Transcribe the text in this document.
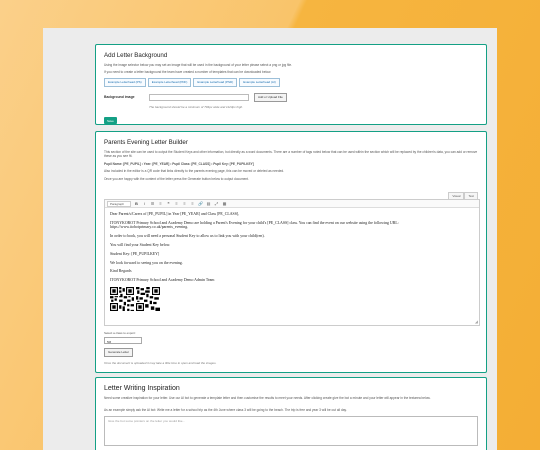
Add Letter Background
Using the image selector below you may set an image that will be used in the background of your letter please select a png or jpg file.
If you need to create a letter background the team have created a number of templates that can be downloaded below.
Example Letterhead (PS)	Example Letterhead (PDF)	Example Letterhead (PSD)	Example Letterhead (AI)
Background image	Add or Upload File
The background should be a minimum of 794px wide and 1123px high.
Save
Parents Evening Letter Builder
This section of the site can be used to output the Student Keys and other information, but directly as a word documents. There are a number of tags noted below that can be used within the section which will be replaced by the children's data, you can add or remove these as you see fit.
Pupil Name: [PE_PUPIL] • Year: [PE_YEAR] • Pupil Class: [PE_CLASS] • Pupil Key: [PE_PUPILKEY]
Also included in the editor is a QR code that links directly to the parents evening page, this can be moved or deleted as needed.
Once you are happy with the content of the letter press the Generate button below to output document.
Visual	Text
Paragraph	B	I	☰	≡	❝	≡	≡	≡	🔗 ▤ ⤢ ▦

Dear Parent/s/Carers of [PE_PUPIL] in Year [PE_YEAR] and Class [PE_CLASS],

ITONYKOROT Primary School and Academy Demo are holding a Parent's Evening for your child's [PE_CLASS] class. You can find the event on our website using the following URL: https://www.itobotprimary.co.uk/parents_evening.

In order to book, you will need a personal Student Key to allow us to link you with your child(ren).

You will find your Student Key below.

Student Key: [PE_PUPILKEY]

We look forward to seeing you on the evening.

Kind Regards

ITONYKOROT Primary School and Academy Demo Admin Team

◢
Select a class to export:
5M
Generate Letter
Once the document is uploaded it may take a little time to open and load the images.
Letter Writing Inspiration
Need some creative inspiration for your letter. Use our AI bot to generate a template letter and then customise the results to meet your needs. After clicking create give the bot a minute and your letter will appear in the textarea below.
As an example simply ask the AI bot: Write me a letter for a school trip as the 4th June where class 3 will be going to the beach. The trip is free and year 3 will be out all day.
Give the bot some pointers on the letter you would like...
